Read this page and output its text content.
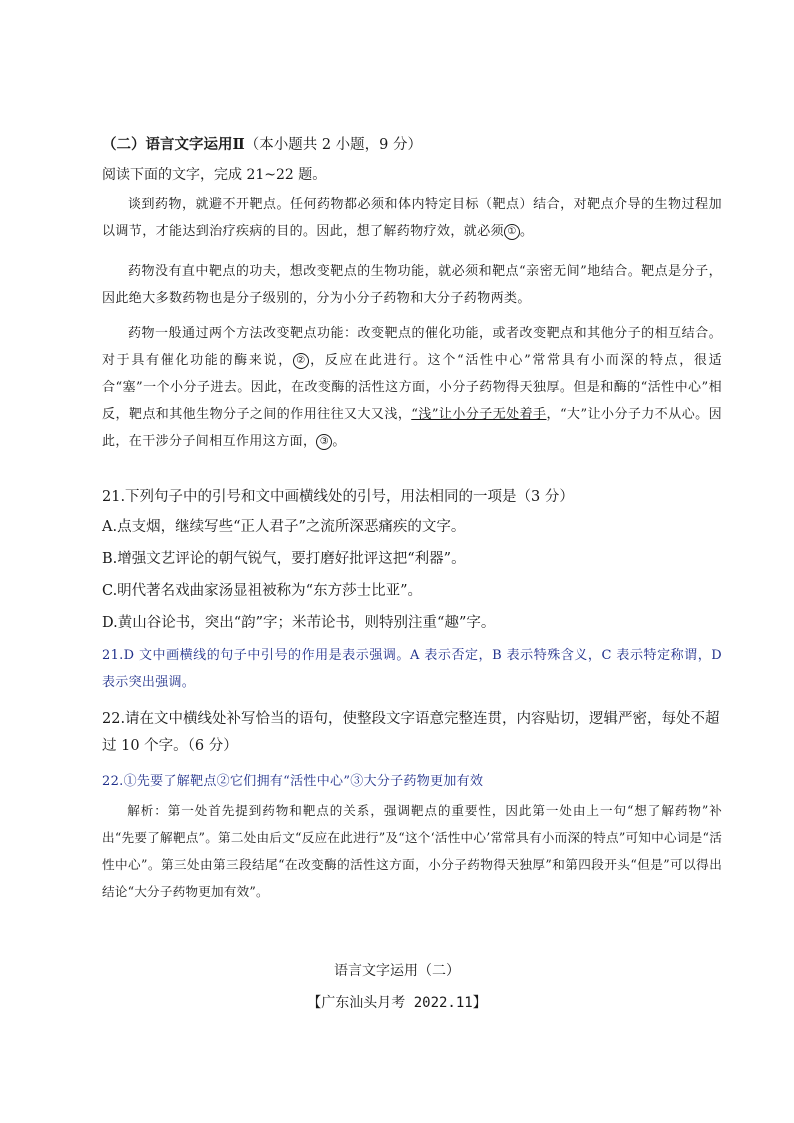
（二）语言文字运用Ⅱ（本小题共 2 小题，9 分）
阅读下面的文字，完成 21~22 题。
谈到药物，就避不开靶点。任何药物都必须和体内特定目标（靶点）结合，对靶点介导的生物过程加以调节，才能达到治疗疾病的目的。因此，想了解药物疗效，就必须 ① 。
药物没有直中靶点的功夫，想改变靶点的生物功能，就必须和靶点“亲密无间”地结合。靶点是分子，因此绝大多数药物也是分子级别的，分为小分子药物和大分子药物两类。
药物一般通过两个方法改变靶点功能：改变靶点的催化功能，或者改变靶点和其他分子的相互结合。对于具有催化功能的酶来说， ② ，反应在此进行。这个“活性中心”常常具有小而深的特点，很适合“塞”一个小分子进去。因此，在改变酶的活性这方面，小分子药物得天独厚。但是和酶的“活性中心”相反，靶点和其他生物分子之间的作用往往又大又浅，“浅”让小分子无处着手，“大”让小分子力不从心。因此，在干涉分子间相互作用这方面， ③ 。
21.下列句子中的引号和文中画横线处的引号，用法相同的一项是（3 分）
A.点支烟，继续写些“正人君子”之流所深恶痛疾的文字。
B.增强文艺评论的朝气锐气，要打磨好批评这把“利器”。
C.明代著名戏曲家汤显祖被称为“东方莎士比亚”。
D.黄山谷论书，突出“韵”字；米芾论书，则特别注重“趣”字。
21.D 文中画横线的句子中引号的作用是表示强调。A 表示否定，B 表示特殊含义，C 表示特定称谓，D 表示突出强调。
22.请在文中横线处补写恰当的语句，使整段文字语意完整连贯，内容贴切，逻辑严密，每处不超过 10 个字。（6 分）
22.①先要了解靶点②它们拥有“活性中心”③大分子药物更加有效
解析：第一处首先提到药物和靶点的关系，强调靶点的重要性，因此第一处由上一句“想了解药物”补出“先要了解靶点”。第二处由后文“反应在此进行”及“这个‘活性中心’常常具有小而深的特点”可知中心词是“活性中心”。第三处由第三段结尾“在改变酶的活性这方面，小分子药物得天独厚”和第四段开头“但是”可以得出结论“大分子药物更加有效”。
语言文字运用（二）
【广东汕头月考 2022.11】
